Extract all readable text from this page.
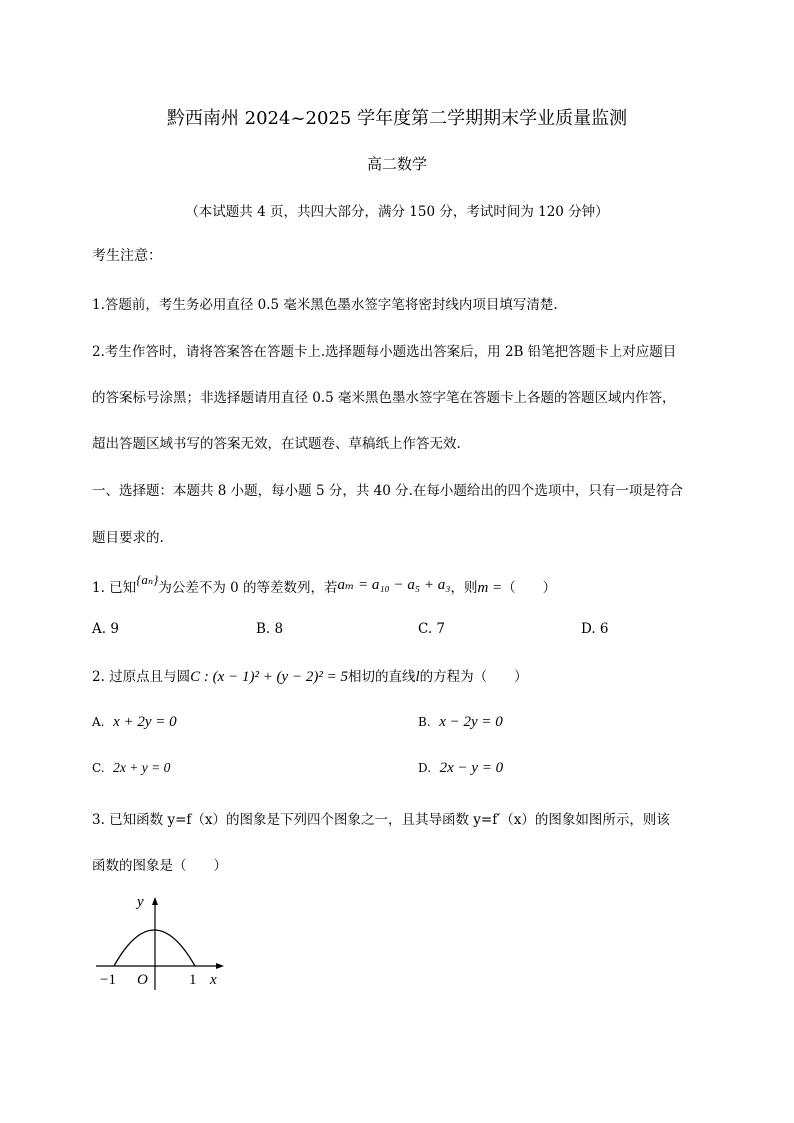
黔西南州 2024~2025 学年度第二学期期末学业质量监测
高二数学
（本试题共 4 页，共四大部分，满分 150 分，考试时间为 120 分钟）
考生注意：
1.答题前，考生务必用直径 0.5 毫米黑色墨水签字笔将密封线内项目填写清楚.
2.考生作答时，请将答案答在答题卡上.选择题每小题选出答案后，用 2B 铅笔把答题卡上对应题目
的答案标号涂黑；非选择题请用直径 0.5 毫米黑色墨水签字笔在答题卡上各题的答题区域内作答，
超出答题区域书写的答案无效，在试题卷、草稿纸上作答无效.
一、选择题：本题共 8 小题，每小题 5 分，共 40 分.在每小题给出的四个选项中，只有一项是符合
题目要求的.
1. 已知{aₙ}为公差不为 0 的等差数列，若aₘ = a₁₀ − a₅ + a₃，则m =（　　）
A. 9	B. 8	C. 7	D. 6
2. 过原点且与圆C : (x − 1)² + (y − 2)² = 5相切的直线l的方程为（　　）
A. x + 2y = 0	B. x − 2y = 0
C. 2x + y = 0	D. 2x − y = 0
3. 已知函数 y=f（x）的图象是下列四个图象之一，且其导函数 y=f′（x）的图象如图所示，则该
函数的图象是（　　）
y
x
O
−1	1
